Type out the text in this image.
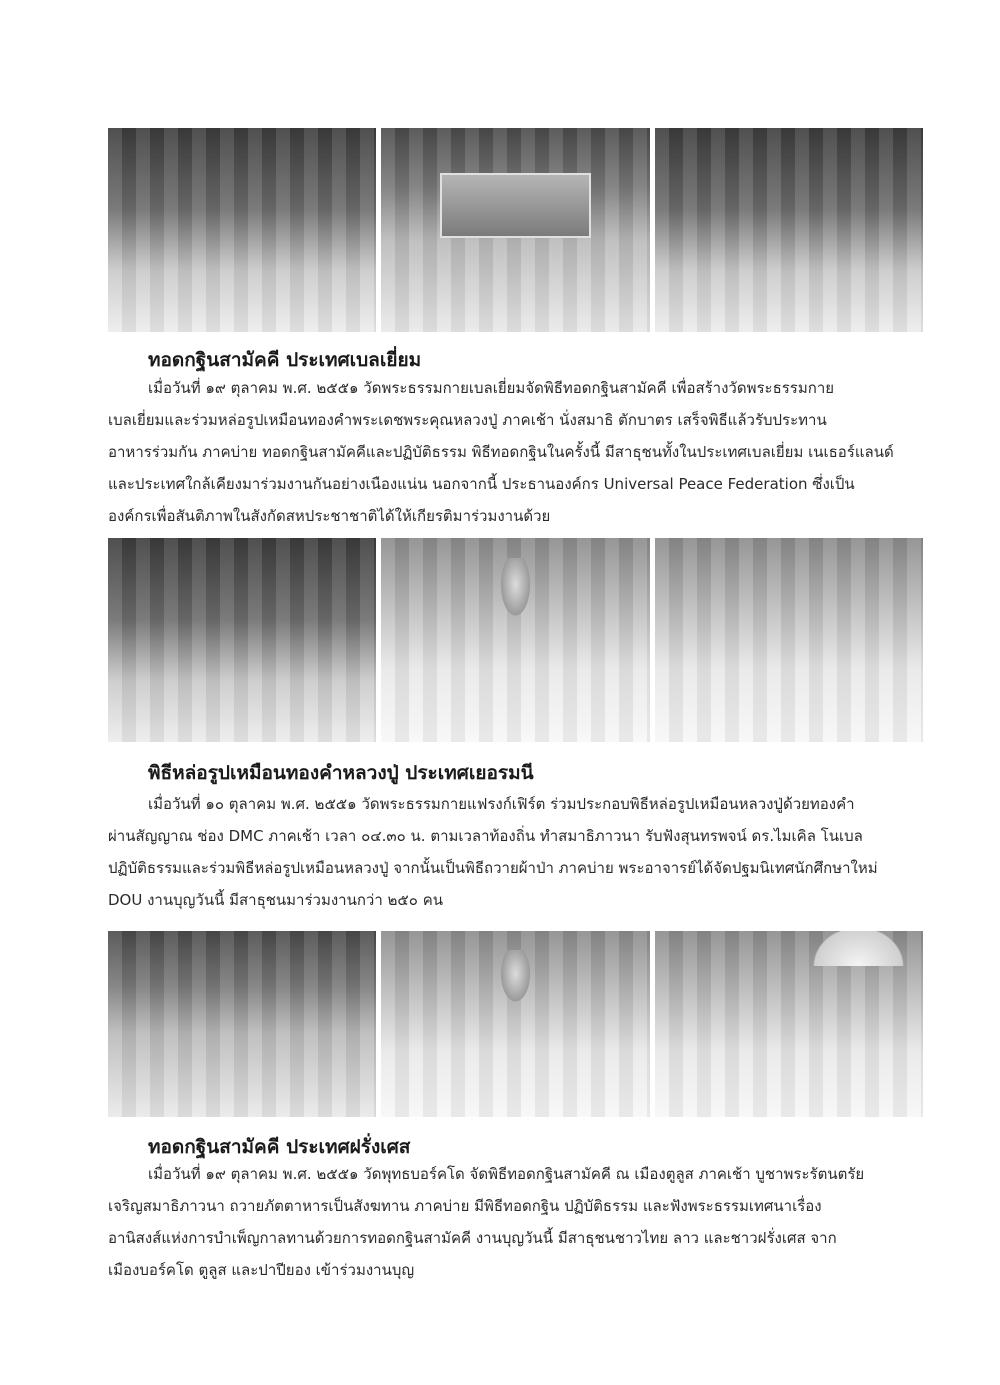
ทอดกฐินสามัคคี ประเทศเบลเยี่ยม

เมื่อวันที่ ๑๙ ตุลาคม พ.ศ. ๒๕๕๑ วัดพระธรรมกายเบลเยี่ยมจัดพิธีทอดกฐินสามัคคี เพื่อสร้างวัดพระธรรมกาย
เบลเยี่ยมและร่วมหล่อรูปเหมือนทองคำพระเดชพระคุณหลวงปู่ ภาคเช้า นั่งสมาธิ ตักบาตร เสร็จพิธีแล้วรับประทาน
อาหารร่วมกัน ภาคบ่าย ทอดกฐินสามัคคีและปฏิบัติธรรม พิธีทอดกฐินในครั้งนี้ มีสาธุชนทั้งในประเทศเบลเยี่ยม เนเธอร์แลนด์
และประเทศใกล้เคียงมาร่วมงานกันอย่างเนืองแน่น นอกจากนี้ ประธานองค์กร Universal Peace Federation ซึ่งเป็น
องค์กรเพื่อสันติภาพในสังกัดสหประชาชาติได้ให้เกียรติมาร่วมงานด้วย

พิธีหล่อรูปเหมือนทองคำหลวงปู่ ประเทศเยอรมนี

เมื่อวันที่ ๑๐ ตุลาคม พ.ศ. ๒๕๕๑ วัดพระธรรมกายแฟรงก์เฟิร์ต ร่วมประกอบพิธีหล่อรูปเหมือนหลวงปู่ด้วยทองคำ
ผ่านสัญญาณ ช่อง DMC ภาคเช้า เวลา ๐๔.๓๐ น. ตามเวลาท้องถิ่น ทำสมาธิภาวนา รับฟังสุนทรพจน์ ดร.ไมเคิล โนเบล
ปฏิบัติธรรมและร่วมพิธีหล่อรูปเหมือนหลวงปู่ จากนั้นเป็นพิธีถวายผ้าป่า ภาคบ่าย พระอาจารย์ได้จัดปฐมนิเทศนักศึกษาใหม่
DOU งานบุญวันนี้ มีสาธุชนมาร่วมงานกว่า ๒๕๐ คน

ทอดกฐินสามัคคี ประเทศฝรั่งเศส

เมื่อวันที่ ๑๙ ตุลาคม พ.ศ. ๒๕๕๑ วัดพุทธบอร์คโด จัดพิธีทอดกฐินสามัคคี ณ เมืองตูลูส ภาคเช้า บูชาพระรัตนตรัย
เจริญสมาธิภาวนา ถวายภัตตาหารเป็นสังฆทาน ภาคบ่าย มีพิธีทอดกฐิน ปฏิบัติธรรม และฟังพระธรรมเทศนาเรื่อง
อานิสงส์แห่งการบำเพ็ญกาลทานด้วยการทอดกฐินสามัคคี งานบุญวันนี้ มีสาธุชนชาวไทย ลาว และชาวฝรั่งเศส จาก
เมืองบอร์คโด ตูลูส และปาปียอง เข้าร่วมงานบุญ
